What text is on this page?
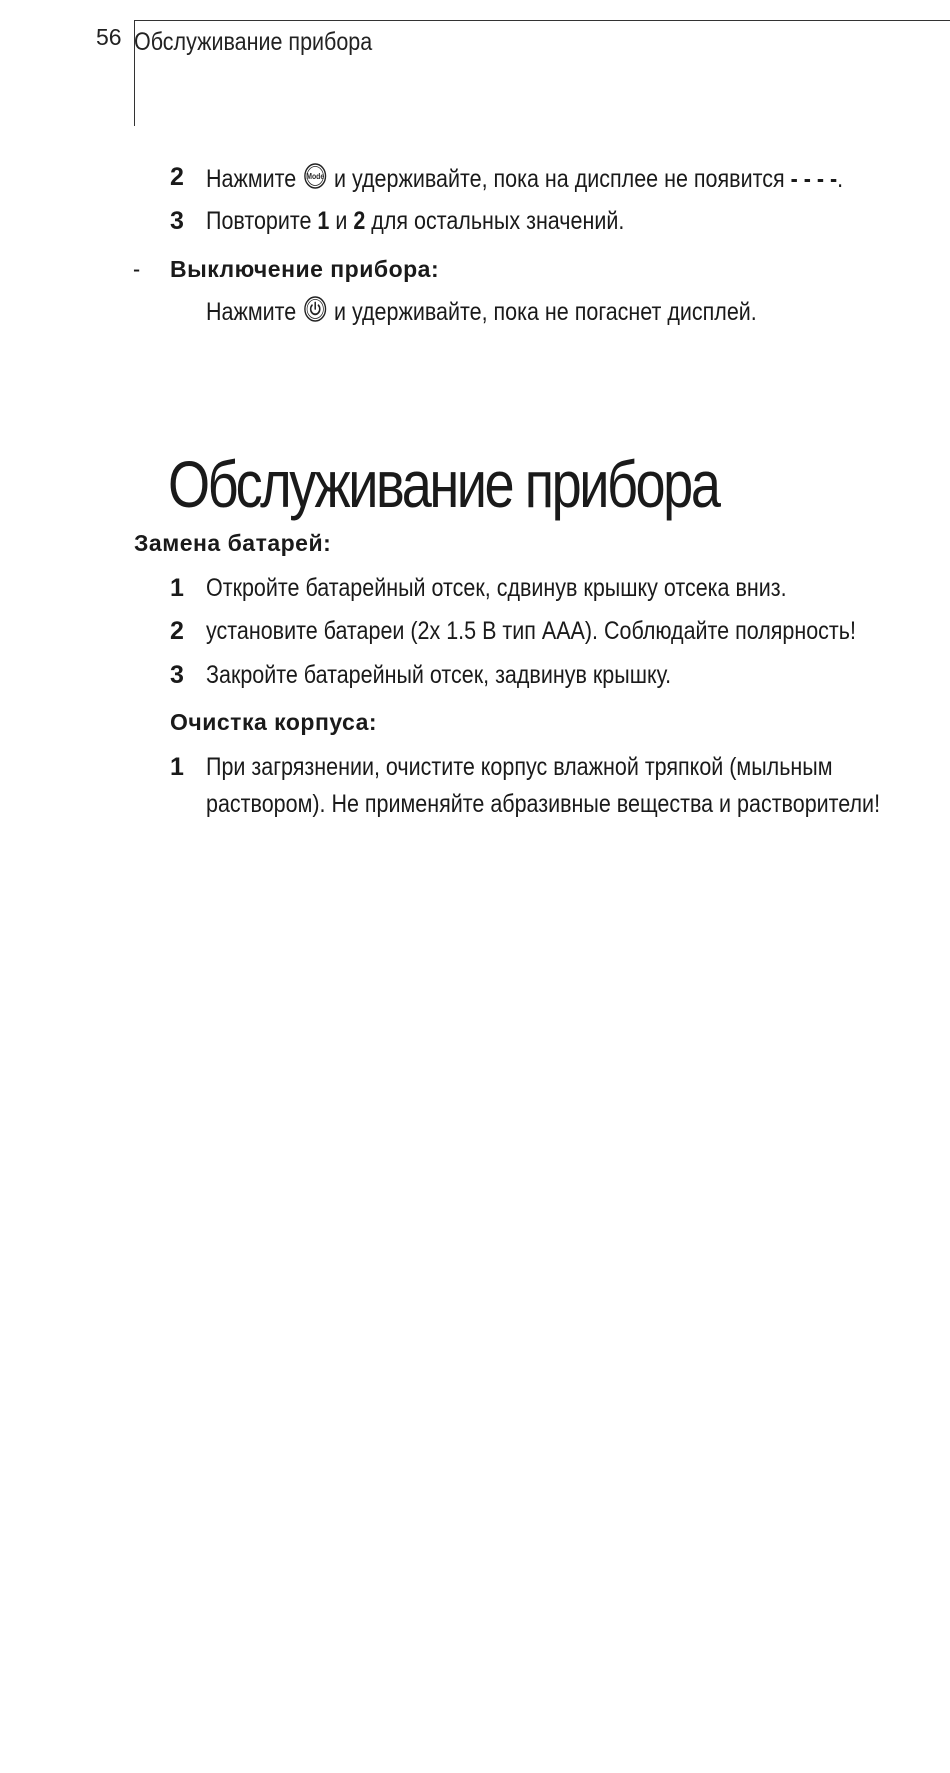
56 Обслуживание прибора
2 Нажмите Mode и удерживайте, пока на дисплее не появится - - - -.
3 Повторите 1 и 2 для остальных значений.
- Выключение прибора:
Нажмите и удерживайте, пока не погаснет дисплей.
Обслуживание прибора
Замена батарей:
1 Откройте батарейный отсек, сдвинув крышку отсека вниз.
2 установите батареи (2x 1.5 В тип ААА). Соблюдайте полярность!
3 Закройте батарейный отсек, задвинув крышку.
Очистка корпуса:
1 При загрязнении, очистите корпус влажной тряпкой (мыльным
раствором). Не применяйте абразивные вещества и растворители!
